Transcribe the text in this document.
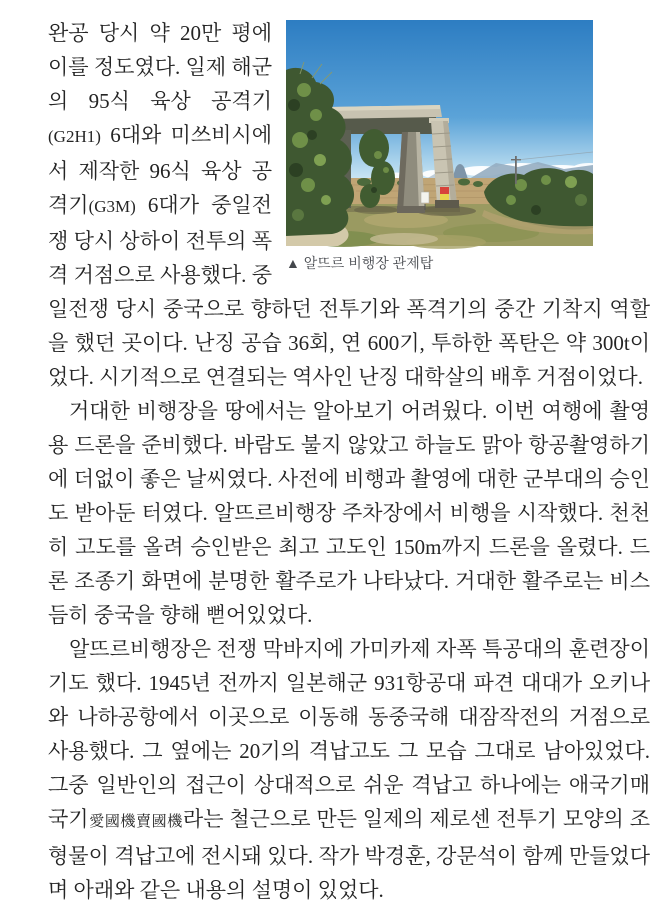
▲ 알뜨르 비행장 관제탑

완공 당시 약 20만 평에 이를 정도였다. 일제 해군의 95식 육상 공격기(G2H1) 6대와 미쓰비시에서 제작한 96식 육상 공격기(G3M) 6대가 중일전쟁 당시 상하이 전투의 폭격 거점으로 사용했다. 중일전쟁 당시 중국으로 향하던 전투기와 폭격기의 중간 기착지 역할을 했던 곳이다. 난징 공습 36회, 연 600기, 투하한 폭탄은 약 300t이었다. 시기적으로 연결되는 역사인 난징 대학살의 배후 거점이었다.

거대한 비행장을 땅에서는 알아보기 어려웠다. 이번 여행에 촬영용 드론을 준비했다. 바람도 불지 않았고 하늘도 맑아 항공촬영하기에 더없이 좋은 날씨였다. 사전에 비행과 촬영에 대한 군부대의 승인도 받아둔 터였다. 알뜨르비행장 주차장에서 비행을 시작했다. 천천히 고도를 올려 승인받은 최고 고도인 150m까지 드론을 올렸다. 드론 조종기 화면에 분명한 활주로가 나타났다. 거대한 활주로는 비스듬히 중국을 향해 뻗어있었다.

알뜨르비행장은 전쟁 막바지에 가미카제 자폭 특공대의 훈련장이기도 했다. 1945년 전까지 일본해군 931항공대 파견 대대가 오키나와 나하공항에서 이곳으로 이동해 동중국해 대잠작전의 거점으로 사용했다. 그 옆에는 20기의 격납고도 그 모습 그대로 남아있었다. 그중 일반인의 접근이 상대적으로 쉬운 격납고 하나에는 애국기매국기愛國機賣國機라는 철근으로 만든 일제의 제로센 전투기 모양의 조형물이 격납고에 전시돼 있다. 작가 박경훈, 강문석이 함께 만들었다며 아래와 같은 내용의 설명이 있었다.
